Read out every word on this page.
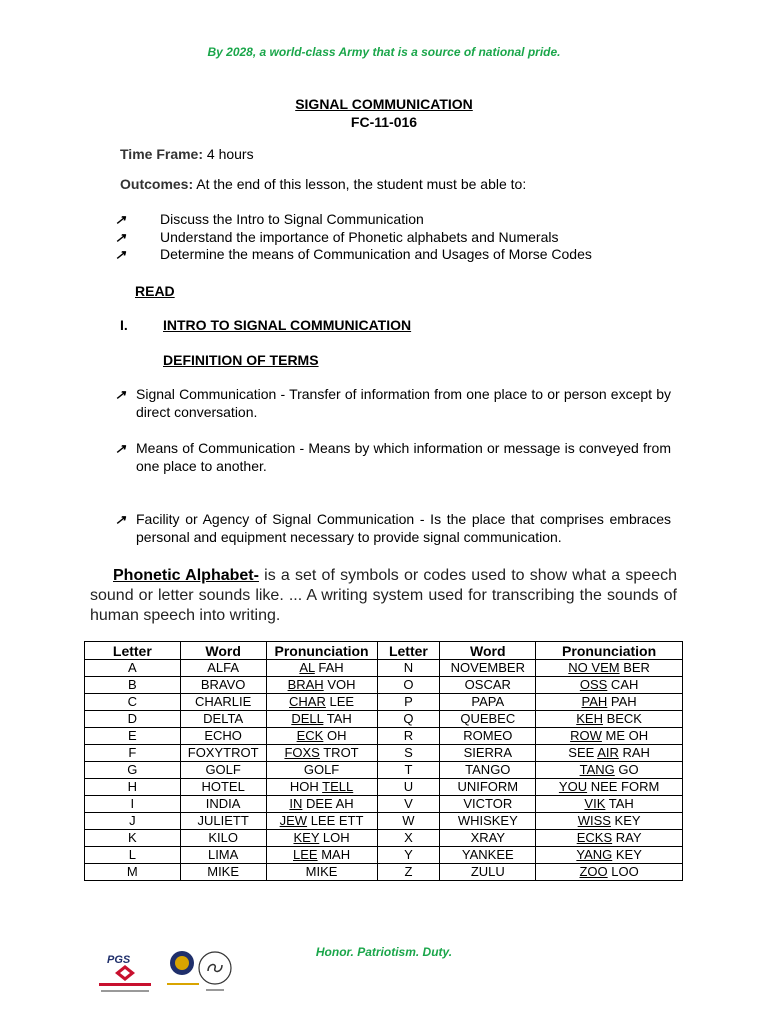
By 2028, a world-class Army that is a source of national pride.
SIGNAL COMMUNICATION
FC-11-016
Time Frame: 4 hours
Outcomes: At the end of this lesson, the student must be able to:
↗︎	Discuss the Intro to Signal Communication
↗︎	Understand the importance of Phonetic alphabets and Numerals
↗︎	Determine the means of Communication and Usages of Morse Codes
READ
I.	INTRO TO SIGNAL COMMUNICATION
DEFINITION OF TERMS
↗︎ Signal Communication - Transfer of information from one place to or person except by direct conversation.
↗︎ Means of Communication - Means by which information or message is conveyed from one place to another.
↗︎ Facility or Agency of Signal Communication - Is the place that comprises embraces personal and equipment necessary to provide signal communication.
Phonetic Alphabet- is a set of symbols or codes used to show what a speech sound or letter sounds like. ... A writing system used for transcribing the sounds of human speech into writing.
Letter	Word	Pronunciation	Letter	Word	Pronunciation
A	ALFA	AL FAH	N	NOVEMBER	NO VEM BER
B	BRAVO	BRAH VOH	O	OSCAR	OSS CAH
C	CHARLIE	CHAR LEE	P	PAPA	PAH PAH
D	DELTA	DELL TAH	Q	QUEBEC	KEH BECK
E	ECHO	ECK OH	R	ROMEO	ROW ME OH
F	FOXYTROT	FOXS TROT	S	SIERRA	SEE AIR RAH
G	GOLF	GOLF	T	TANGO	TANG GO
H	HOTEL	HOH TELL	U	UNIFORM	YOU NEE FORM
I	INDIA	IN DEE AH	V	VICTOR	VIK TAH
J	JULIETT	JEW LEE ETT	W	WHISKEY	WISS KEY
K	KILO	KEY LOH	X	XRAY	ECKS RAY
L	LIMA	LEE MAH	Y	YANKEE	YANG KEY
M	MIKE	MIKE	Z	ZULU	ZOO LOO
PGS
Honor. Patriotism. Duty.
